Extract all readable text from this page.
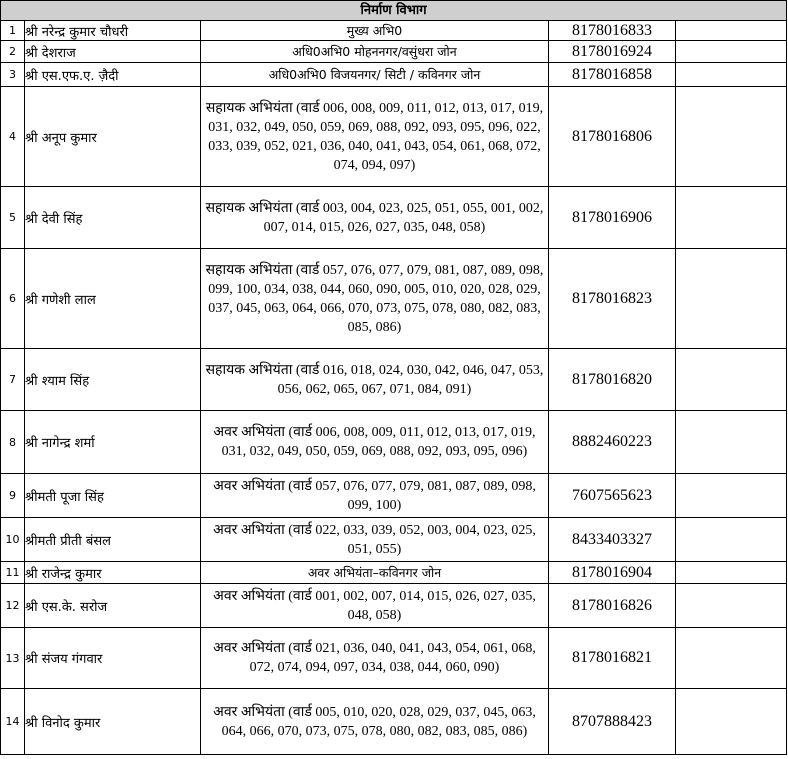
निर्माण विभाग				
1	श्री नरेन्द्र कुमार चौधरी	मुख्य अभि0	8178016833	
2	श्री देशराज	अधि0अभि0 मोहननगर/वसुंधरा जोन	8178016924	
3	श्री एस.एफ.ए. ज़ैदी	अधि0अभि0 विजयनगर/ सिटी / कविनगर जोन	8178016858	
4	श्री अनूप कुमार	सहायक अभियंता (वार्ड 006, 008, 009, 011, 012, 013, 017, 019, 031, 032, 049, 050, 059, 069, 088, 092, 093, 095, 096, 022, 033, 039, 052, 021, 036, 040, 041, 043, 054, 061, 068, 072, 074, 094, 097)	8178016806	
5	श्री देवी सिंह	सहायक अभियंता (वार्ड 003, 004, 023, 025, 051, 055, 001, 002, 007, 014, 015, 026, 027, 035, 048, 058)	8178016906	
6	श्री गणेशी लाल	सहायक अभियंता (वार्ड 057, 076, 077, 079, 081, 087, 089, 098, 099, 100, 034, 038, 044, 060, 090, 005, 010, 020, 028, 029, 037, 045, 063, 064, 066, 070, 073, 075, 078, 080, 082, 083, 085, 086)	8178016823	
7	श्री श्याम सिंह	सहायक अभियंता (वार्ड 016, 018, 024, 030, 042, 046, 047, 053, 056, 062, 065, 067, 071, 084, 091)	8178016820	
8	श्री नागेन्द्र शर्मा	अवर अभियंता (वार्ड 006, 008, 009, 011, 012, 013, 017, 019, 031, 032, 049, 050, 059, 069, 088, 092, 093, 095, 096)	8882460223	
9	श्रीमती पूजा सिंह	अवर अभियंता (वार्ड 057, 076, 077, 079, 081, 087, 089, 098, 099, 100)	7607565623	
10	श्रीमती प्रीती बंसल	अवर अभियंता (वार्ड 022, 033, 039, 052, 003, 004, 023, 025, 051, 055)	8433403327	
11	श्री राजेन्द्र कुमार	अवर अभियंता–कविनगर जोन	8178016904	
12	श्री एस.के. सरोज	अवर अभियंता (वार्ड 001, 002, 007, 014, 015, 026, 027, 035, 048, 058)	8178016826	
13	श्री संजय गंगवार	अवर अभियंता (वार्ड 021, 036, 040, 041, 043, 054, 061, 068, 072, 074, 094, 097, 034, 038, 044, 060, 090)	8178016821	
14	श्री विनोद कुमार	अवर अभियंता (वार्ड 005, 010, 020, 028, 029, 037, 045, 063, 064, 066, 070, 073, 075, 078, 080, 082, 083, 085, 086)	8707888423	
